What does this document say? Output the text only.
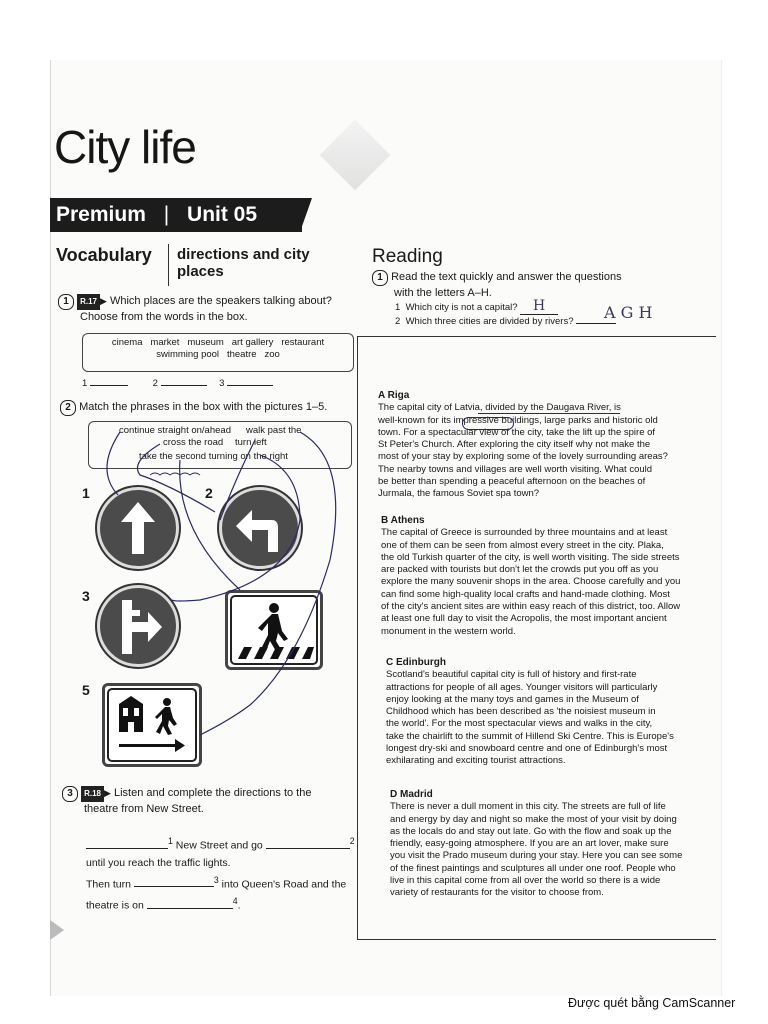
City life
Premium | Unit 05
Vocabulary directions and city
places
1 R.17 ▶ Which places are the speakers talking about?
Choose from the words in the box.
cinema   market   museum   art gallery   restaurant
swimming pool   theatre   zoo
1	2	3
2 Match the phrases in the box with the pictures 1–5.
continue straight on/ahead walk past the
cross the road turn left
take the second turning on the right
1	2
3
5
3 R.18 ▶ Listen and complete the directions to the
theatre from New Street.
$^1$ New Street and go	$^2$
until you reach the traffic lights.
Then turn	$^3$ into Queen's Road and the
theatre is on	$^4$.
Reading
1 Read the text quickly and answer the questions
with the letters A–H.
1 Which city is not a capital? H
2 Which three cities are divided by rivers?	A G H
A Riga
The capital city of Latvia, divided by the Daugava River, is
well-known for its impressive buildings, large parks and historic old
town. For a spectacular view of the city, take the lift up the spire of
St Peter's Church. After exploring the city itself why not make the
most of your stay by exploring some of the lovely surrounding areas?
The nearby towns and villages are well worth visiting. What could
be better than spending a peaceful afternoon on the beaches of
Jurmala, the famous Soviet spa town?
B Athens
The capital of Greece is surrounded by three mountains and at least
one of them can be seen from almost every street in the city. Plaka,
the old Turkish quarter of the city, is well worth visiting. The side streets
are packed with tourists but don't let the crowds put you off as you
explore the many souvenir shops in the area. Choose carefully and you
can find some high-quality local crafts and hand-made clothing. Most
of the city's ancient sites are within easy reach of this district, too. Allow
at least one full day to visit the Acropolis, the most important ancient
monument in the western world.
C Edinburgh
Scotland's beautiful capital city is full of history and first-rate
attractions for people of all ages. Younger visitors will particularly
enjoy looking at the many toys and games in the Museum of
Childhood which has been described as 'the noisiest museum in
the world'. For the most spectacular views and walks in the city,
take the chairlift to the summit of Hillend Ski Centre. This is Europe's
longest dry-ski and snowboard centre and one of Edinburgh's most
exhilarating and exciting tourist attractions.
D Madrid
There is never a dull moment in this city. The streets are full of life
and energy by day and night so make the most of your visit by doing
as the locals do and stay out late. Go with the flow and soak up the
friendly, easy-going atmosphere. If you are an art lover, make sure
you visit the Prado museum during your stay. Here you can see some
of the finest paintings and sculptures all under one roof. People who
live in this capital come from all over the world so there is a wide
variety of restaurants for the visitor to choose from.
Được quét bằng CamScanner
